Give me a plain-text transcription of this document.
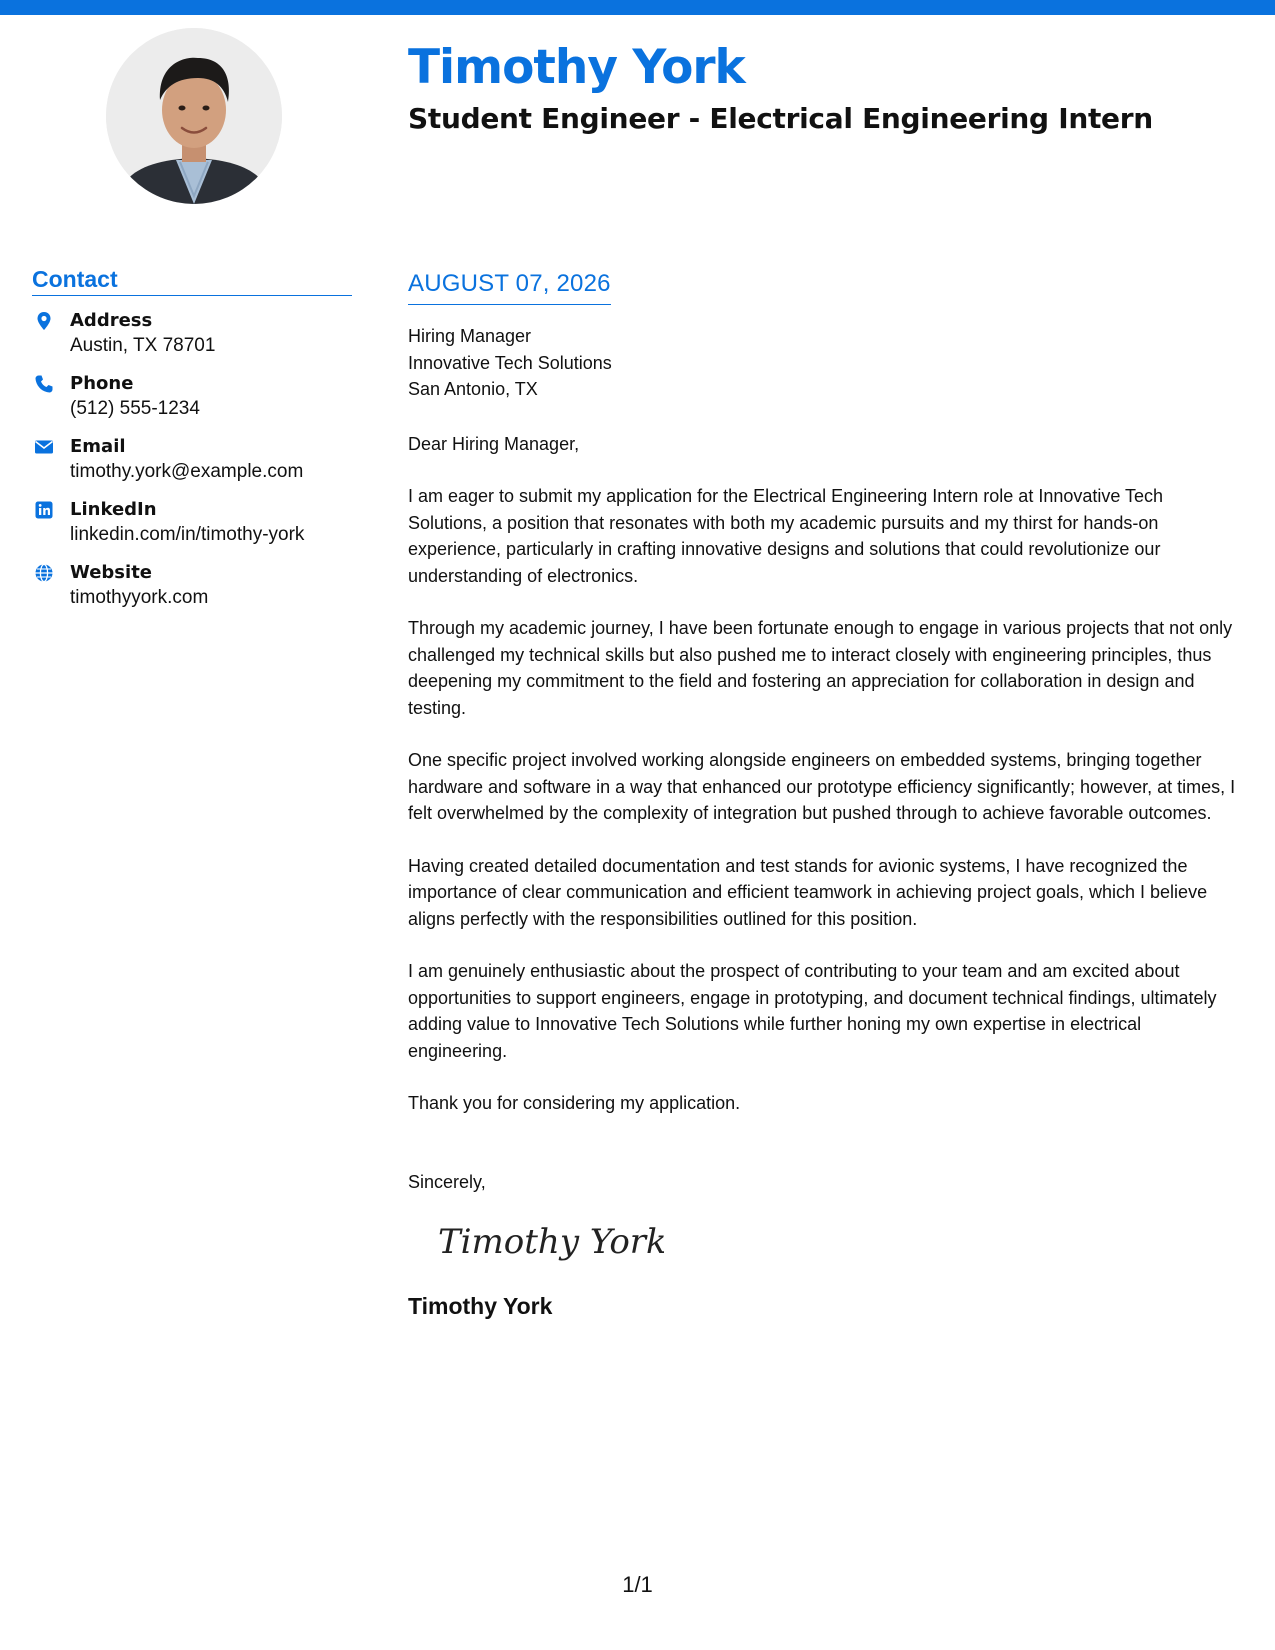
Timothy York
Student Engineer - Electrical Engineering Intern
Contact
Address
Austin, TX 78701
Phone
(512) 555-1234
Email
timothy.york@example.com
LinkedIn
linkedin.com/in/timothy-york
Website
timothyyork.com
AUGUST 07, 2026
Hiring Manager
Innovative Tech Solutions
San Antonio, TX
Dear Hiring Manager,
I am eager to submit my application for the Electrical Engineering Intern role at Innovative Tech Solutions, a position that resonates with both my academic pursuits and my thirst for hands-on experience, particularly in crafting innovative designs and solutions that could revolutionize our understanding of electronics.
Through my academic journey, I have been fortunate enough to engage in various projects that not only challenged my technical skills but also pushed me to interact closely with engineering principles, thus deepening my commitment to the field and fostering an appreciation for collaboration in design and testing.
One specific project involved working alongside engineers on embedded systems, bringing together hardware and software in a way that enhanced our prototype efficiency significantly; however, at times, I felt overwhelmed by the complexity of integration but pushed through to achieve favorable outcomes.
Having created detailed documentation and test stands for avionic systems, I have recognized the importance of clear communication and efficient teamwork in achieving project goals, which I believe aligns perfectly with the responsibilities outlined for this position.
I am genuinely enthusiastic about the prospect of contributing to your team and am excited about opportunities to support engineers, engage in prototyping, and document technical findings, ultimately adding value to Innovative Tech Solutions while further honing my own expertise in electrical engineering.
Thank you for considering my application.
Sincerely,
Timothy York
Timothy York
1/1
